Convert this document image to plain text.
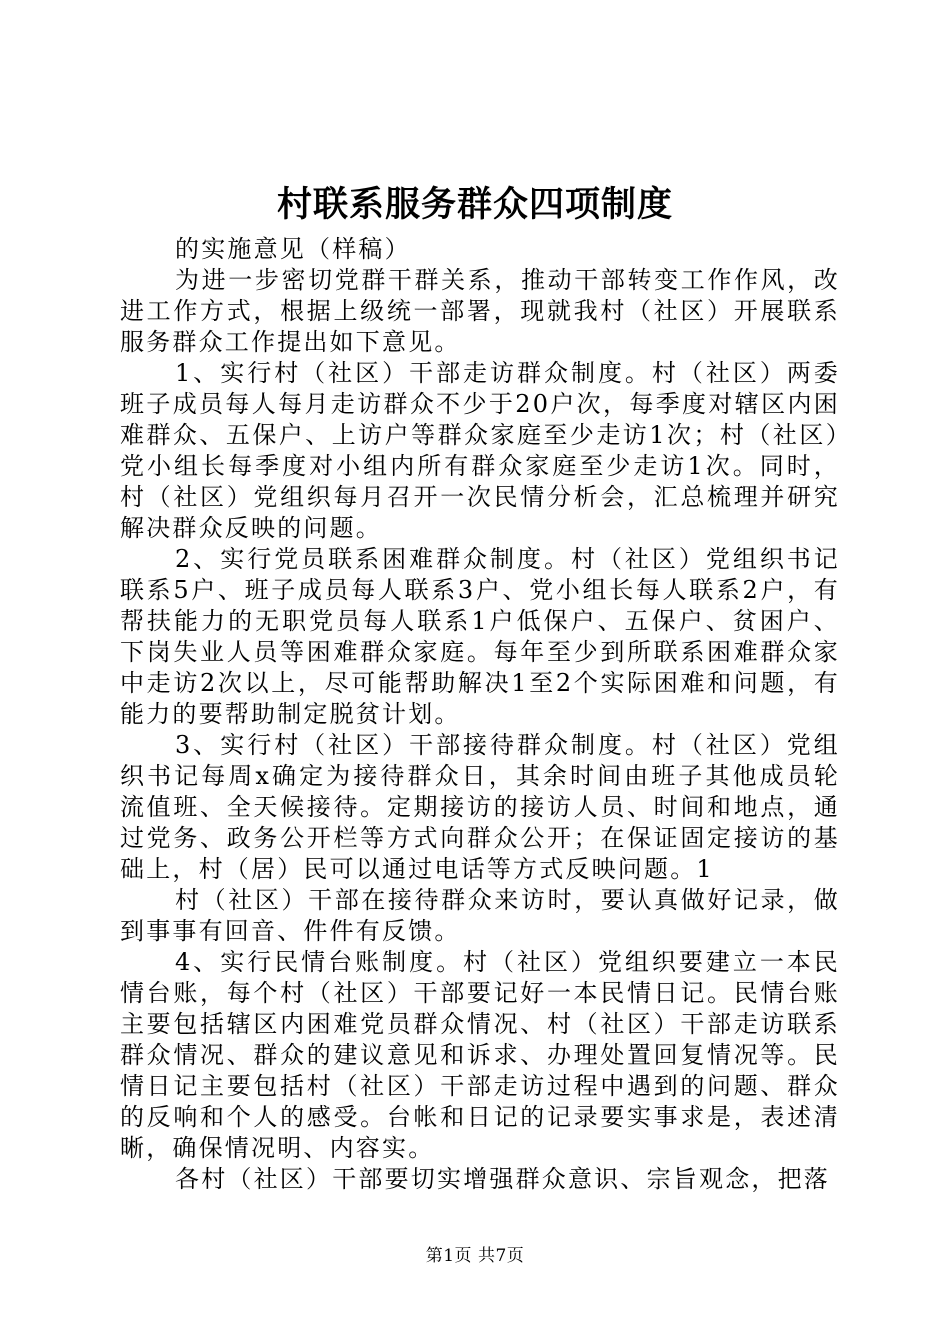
村联系服务群众四项制度

的实施意见（样稿）

为进一步密切党群干群关系，推动干部转变工作作风，改进工作方式，根据上级统一部署，现就我村（社区）开展联系服务群众工作提出如下意见。

1、实行村（社区）干部走访群众制度。村（社区）两委班子成员每人每月走访群众不少于20户次，每季度对辖区内困难群众、五保户、上访户等群众家庭至少走访1次；村（社区）党小组长每季度对小组内所有群众家庭至少走访1次。同时，村（社区）党组织每月召开一次民情分析会，汇总梳理并研究解决群众反映的问题。

2、实行党员联系困难群众制度。村（社区）党组织书记联系5户、班子成员每人联系3户、党小组长每人联系2户，有帮扶能力的无职党员每人联系1户低保户、五保户、贫困户、下岗失业人员等困难群众家庭。每年至少到所联系困难群众家中走访2次以上，尽可能帮助解决1至2个实际困难和问题，有能力的要帮助制定脱贫计划。

3、实行村（社区）干部接待群众制度。村（社区）党组织书记每周x确定为接待群众日，其余时间由班子其他成员轮流值班、全天候接待。定期接访的接访人员、时间和地点，通过党务、政务公开栏等方式向群众公开；在保证固定接访的基础上，村（居）民可以通过电话等方式反映问题。1

村（社区）干部在接待群众来访时，要认真做好记录，做到事事有回音、件件有反馈。

4、实行民情台账制度。村（社区）党组织要建立一本民情台账，每个村（社区）干部要记好一本民情日记。民情台账主要包括辖区内困难党员群众情况、村（社区）干部走访联系群众情况、群众的建议意见和诉求、办理处置回复情况等。民情日记主要包括村（社区）干部走访过程中遇到的问题、群众的反响和个人的感受。台帐和日记的记录要实事求是，表述清晰，确保情况明、内容实。

各村（社区）干部要切实增强群众意识、宗旨观念，把落

第1页 共7页
